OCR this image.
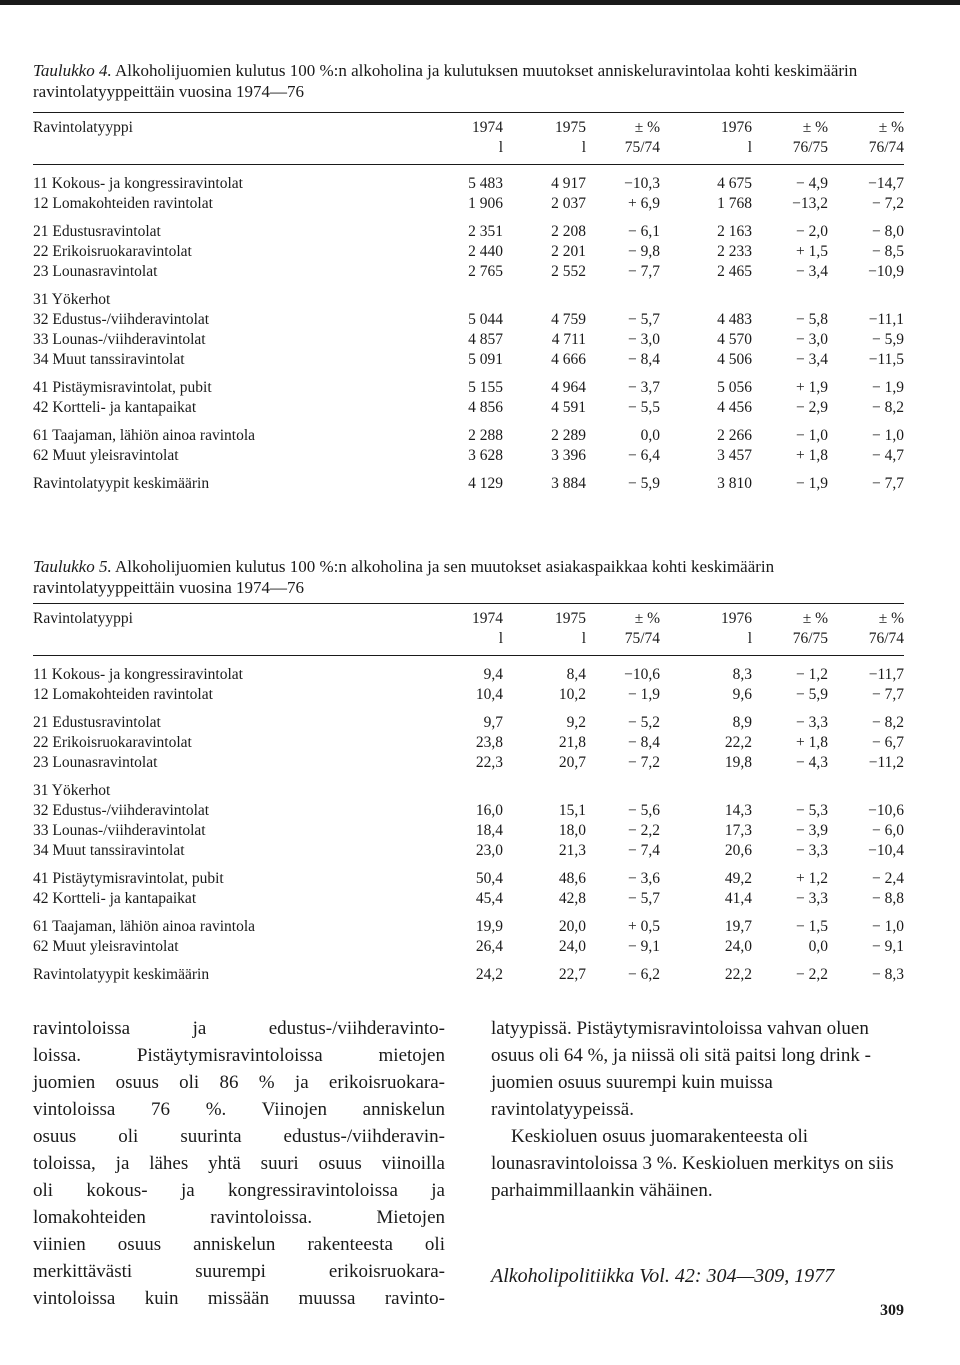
Taulukko 4. Alkoholijuomien kulutus 100 %:n alkoholina ja kulutuksen muutokset anniskeluravintolaa kohti keskimäärin ravintolatyyppeittäin vuosina 1974—76

Ravintolatyyppi	1974	1975	± %	1976	± %	± %
	l	l	75/74	l	76/75	76/74
11 Kokous- ja kongressiravintolat	5 483	4 917	−10,3	4 675	− 4,9	−14,7
12 Lomakohteiden ravintolat	1 906	2 037	+ 6,9	1 768	−13,2	− 7,2
21 Edustusravintolat	2 351	2 208	− 6,1	2 163	− 2,0	− 8,0
22 Erikoisruokaravintolat	2 440	2 201	− 9,8	2 233	+ 1,5	− 8,5
23 Lounasravintolat	2 765	2 552	− 7,7	2 465	− 3,4	−10,9
31 Yökerhot						
32 Edustus-/viihderavintolat	5 044	4 759	− 5,7	4 483	− 5,8	−11,1
33 Lounas-/viihderavintolat	4 857	4 711	− 3,0	4 570	− 3,0	− 5,9
34 Muut tanssiravintolat	5 091	4 666	− 8,4	4 506	− 3,4	−11,5
41 Pistäymisravintolat, pubit	5 155	4 964	− 3,7	5 056	+ 1,9	− 1,9
42 Kortteli- ja kantapaikat	4 856	4 591	− 5,5	4 456	− 2,9	− 8,2
61 Taajaman, lähiön ainoa ravintola	2 288	2 289	0,0	2 266	− 1,0	− 1,0
62 Muut yleisravintolat	3 628	3 396	− 6,4	3 457	+ 1,8	− 4,7
Ravintolatyypit keskimäärin	4 129	3 884	− 5,9	3 810	− 1,9	− 7,7

Taulukko 5. Alkoholijuomien kulutus 100 %:n alkoholina ja sen muutokset asiakaspaikkaa kohti keskimäärin ravintolatyyppeittäin vuosina 1974—76

Ravintolatyyppi	1974	1975	± %	1976	± %	± %
	l	l	75/74	l	76/75	76/74
11 Kokous- ja kongressiravintolat	9,4	8,4	−10,6	8,3	− 1,2	−11,7
12 Lomakohteiden ravintolat	10,4	10,2	− 1,9	9,6	− 5,9	− 7,7
21 Edustusravintolat	9,7	9,2	− 5,2	8,9	− 3,3	− 8,2
22 Erikoisruokaravintolat	23,8	21,8	− 8,4	22,2	+ 1,8	− 6,7
23 Lounasravintolat	22,3	20,7	− 7,2	19,8	− 4,3	−11,2
31 Yökerhot						
32 Edustus-/viihderavintolat	16,0	15,1	− 5,6	14,3	− 5,3	−10,6
33 Lounas-/viihderavintolat	18,4	18,0	− 2,2	17,3	− 3,9	− 6,0
34 Muut tanssiravintolat	23,0	21,3	− 7,4	20,6	− 3,3	−10,4
41 Pistäytymisravintolat, pubit	50,4	48,6	− 3,6	49,2	+ 1,2	− 2,4
42 Kortteli- ja kantapaikat	45,4	42,8	− 5,7	41,4	− 3,3	− 8,8
61 Taajaman, lähiön ainoa ravintola	19,9	20,0	+ 0,5	19,7	− 1,5	− 1,0
62 Muut yleisravintolat	26,4	24,0	− 9,1	24,0	0,0	− 9,1
Ravintolatyypit keskimäärin	24,2	22,7	− 6,2	22,2	− 2,2	− 8,3
ravintoloissa ja edustus-/viihderavinto-
loissa. Pistäytymisravintoloissa mietojen
juomien osuus oli 86 % ja erikoisruokara-
vintoloissa 76 %. Viinojen anniskelun
osuus oli suurinta edustus-/viihderavin-
toloissa, ja lähes yhtä suuri osuus viinoilla
oli kokous- ja kongressiravintoloissa ja
lomakohteiden ravintoloissa. Mietojen
viinien osuus anniskelun rakenteesta oli
merkittävästi suurempi erikoisruokara-
vintoloissa kuin missään muussa ravinto-

latyypissä. Pistäytymisravintoloissa vahvan oluen osuus oli 64 %, ja niissä oli sitä paitsi long drink -juomien osuus suurempi kuin muissa ravintolatyypeissä.

Keskioluen osuus juomarakenteesta oli lounasravintoloissa 3 %. Keskioluen merkitys on siis parhaimmillaankin vähäinen.

Alkoholipolitiikka Vol. 42: 304—309, 1977

309
